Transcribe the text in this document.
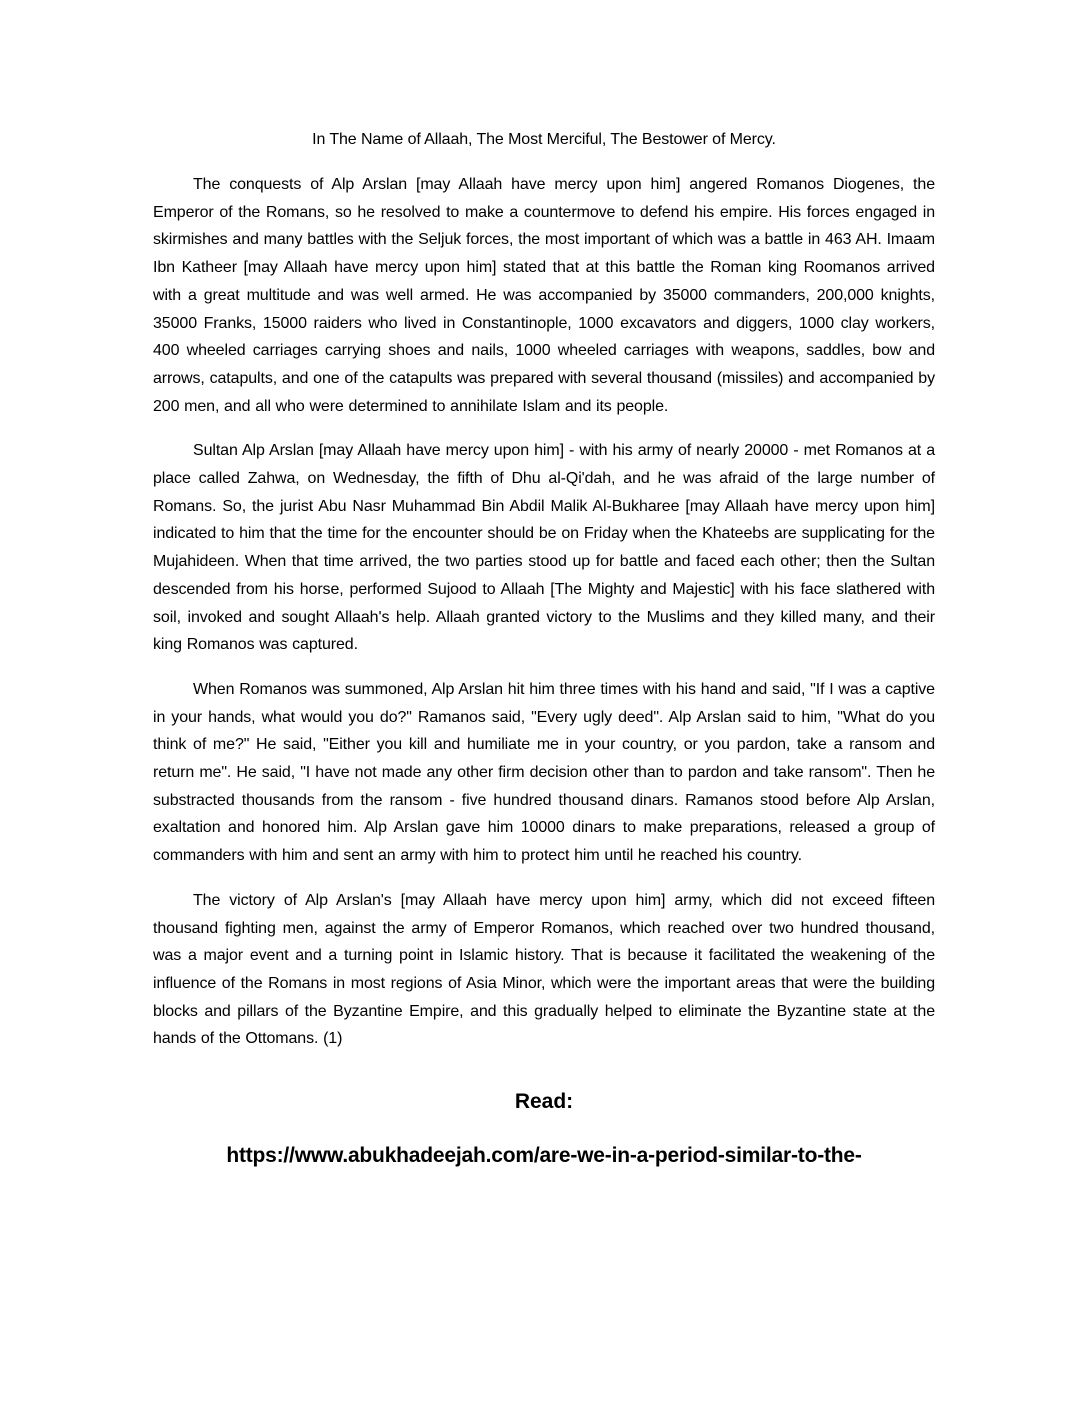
In The Name of Allaah, The Most Merciful, The Bestower of Mercy.

The conquests of Alp Arslan [may Allaah have mercy upon him] angered Romanos Diogenes, the Emperor of the Romans, so he resolved to make a countermove to defend his empire. His forces engaged in skirmishes and many battles with the Seljuk forces, the most important of which was a battle in 463 AH. Imaam Ibn Katheer [may Allaah have mercy upon him] stated that at this battle the Roman king Roomanos arrived with a great multitude and was well armed. He was accompanied by 35000 commanders, 200,000 knights, 35000 Franks, 15000 raiders who lived in Constantinople, 1000 excavators and diggers, 1000 clay workers, 400 wheeled carriages carrying shoes and nails, 1000 wheeled carriages with weapons, saddles, bow and arrows, catapults, and one of the catapults was prepared with several thousand (missiles) and accompanied by 200 men, and all who were determined to annihilate Islam and its people.

Sultan Alp Arslan [may Allaah have mercy upon him] - with his army of nearly 20000 - met Romanos at a place called Zahwa, on Wednesday, the fifth of Dhu al-Qi'dah, and he was afraid of the large number of Romans. So, the jurist Abu Nasr Muhammad Bin Abdil Malik Al-Bukharee [may Allaah have mercy upon him] indicated to him that the time for the encounter should be on Friday when the Khateebs are supplicating for the Mujahideen. When that time arrived, the two parties stood up for battle and faced each other; then the Sultan descended from his horse, performed Sujood to Allaah [The Mighty and Majestic] with his face slathered with soil, invoked and sought Allaah's help. Allaah granted victory to the Muslims and they killed many, and their king Romanos was captured.

When Romanos was summoned, Alp Arslan hit him three times with his hand and said, "If I was a captive in your hands, what would you do?" Ramanos said, "Every ugly deed". Alp Arslan said to him, "What do you think of me?" He said, "Either you kill and humiliate me in your country, or you pardon, take a ransom and return me". He said, "I have not made any other firm decision other than to pardon and take ransom". Then he substracted thousands from the ransom - five hundred thousand dinars. Ramanos stood before Alp Arslan, exaltation and honored him. Alp Arslan gave him 10000 dinars to make preparations, released a group of commanders with him and sent an army with him to protect him until he reached his country.

The victory of Alp Arslan's [may Allaah have mercy upon him] army, which did not exceed fifteen thousand fighting men, against the army of Emperor Romanos, which reached over two hundred thousand, was a major event and a turning point in Islamic history. That is because it facilitated the weakening of the influence of the Romans in most regions of Asia Minor, which were the important areas that were the building blocks and pillars of the Byzantine Empire, and this gradually helped to eliminate the Byzantine state at the hands of the Ottomans. (1)

Read:

https://www.abukhadeejah.com/are-we-in-a-period-similar-to-the-
